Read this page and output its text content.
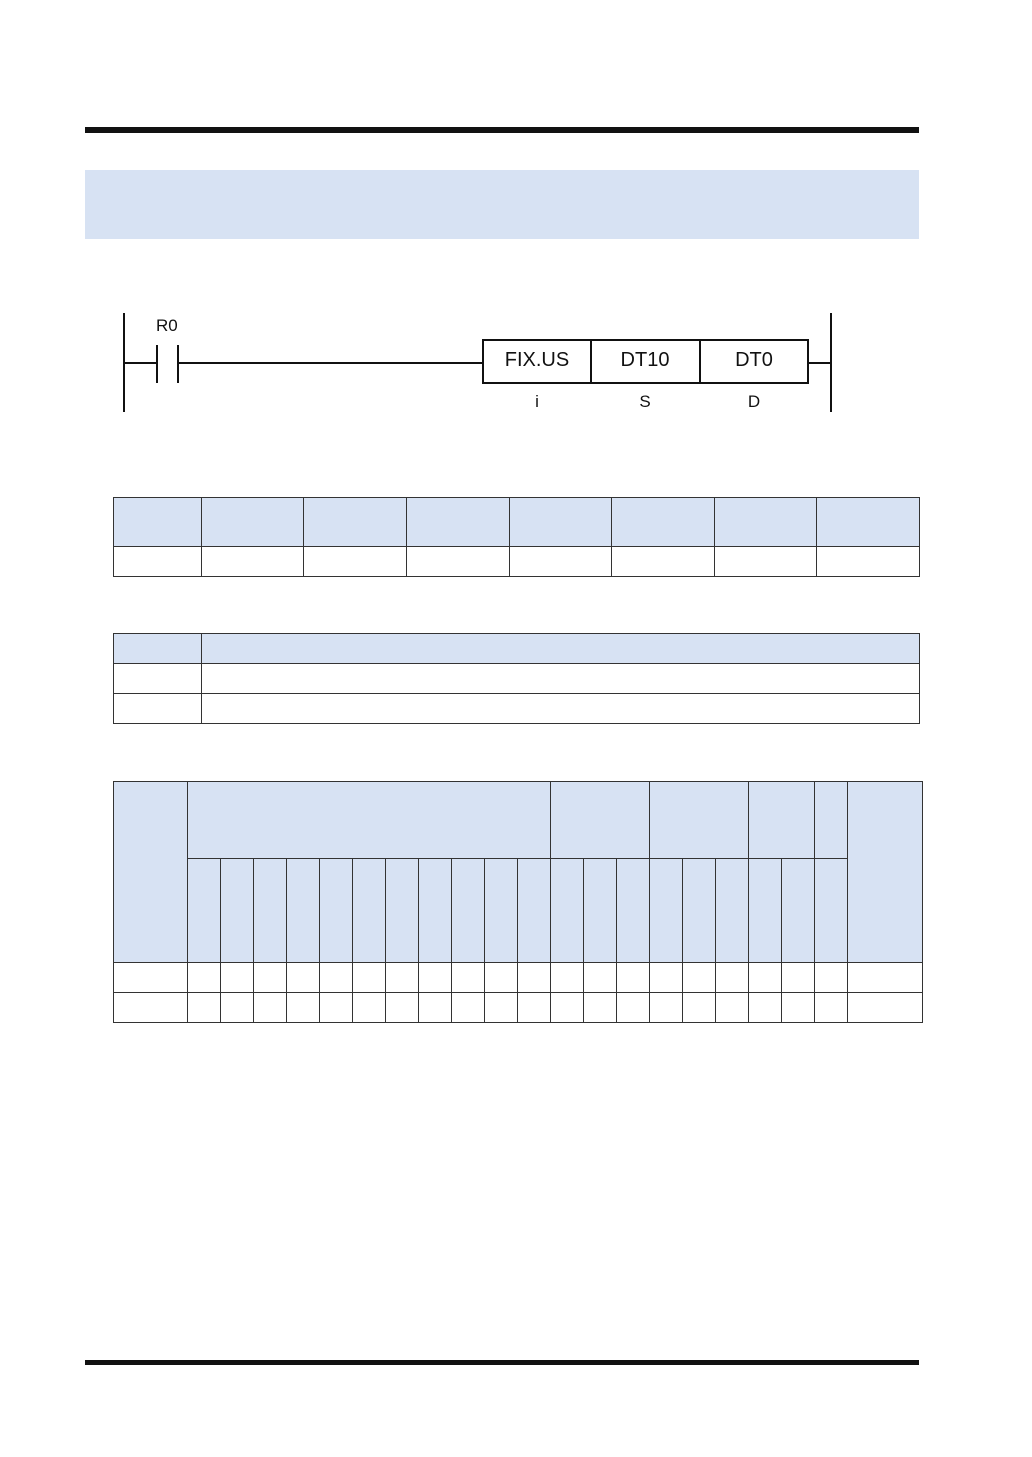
R0
FIX.US	DT10	DT0
i	S	D
